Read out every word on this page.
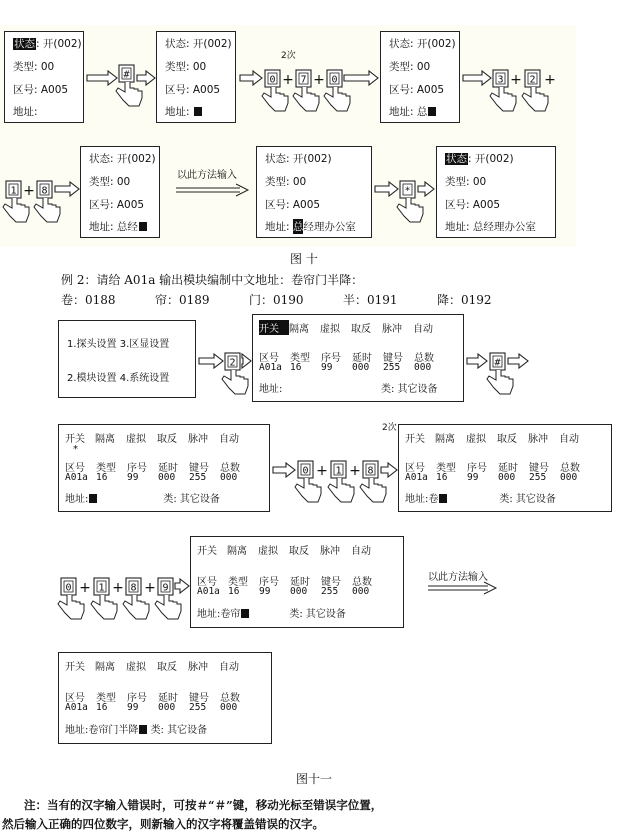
状态: 开(002)
类型: 00
区号: A005
地址:
状态: 开(002)
类型: 00
区号: A005
地址:
状态: 开(002)
类型: 00
区号: A005
地址: 总
状态: 开(002)
类型: 00
区号: A005
地址: 总经
以此方法输入
状态: 开(002)
类型: 00
区号: A005
地址: 总经理办公室
状态: 开(002)
类型: 00
区号: A005
地址: 总经理办公室
2次
图 十
例 2：请给 A01a 输出模块编制中文地址：卷帘门半降：
卷：0188	帘：0189	门：0190	半：0191	降：0192
1.探头设置 3.区显设置
2.模块设置 4.系统设置
开关 隔离 虚拟 取反 脉冲 自动
区号 类型 序号 延时 键号 总数
A01a 16 99 000 255 000
地址:	类: 其它设备
开关 隔离 虚拟 取反 脉冲 自动
*
区号 类型 序号 延时 键号 总数
A01a 16 99 000 255 000
地址:	类: 其它设备
开关 隔离 虚拟 取反 脉冲 自动
区号 类型 序号 延时 键号 总数
A01a 16 99 000 255 000
地址:卷	类: 其它设备
开关 隔离 虚拟 取反 脉冲 自动
区号 类型 序号 延时 键号 总数
A01a 16 99 000 255 000
地址:卷帘	类: 其它设备
以此方法输入
开关 隔离 虚拟 取反 脉冲 自动
区号 类型 序号 延时 键号 总数
A01a 16 99 000 255 000
地址:卷帘门半降 类: 其它设备
2次
图十一
注：当有的汉字输入错误时，可按＃“＃”键，移动光标至错误字位置，
然后输入正确的四位数字，则新输入的汉字将覆盖错误的汉字。
#	0 + 7 + 0	3 + 2 +
1 + 8	*
2	#
0 + 1 + 8
0 + 1 + 8 + 9
